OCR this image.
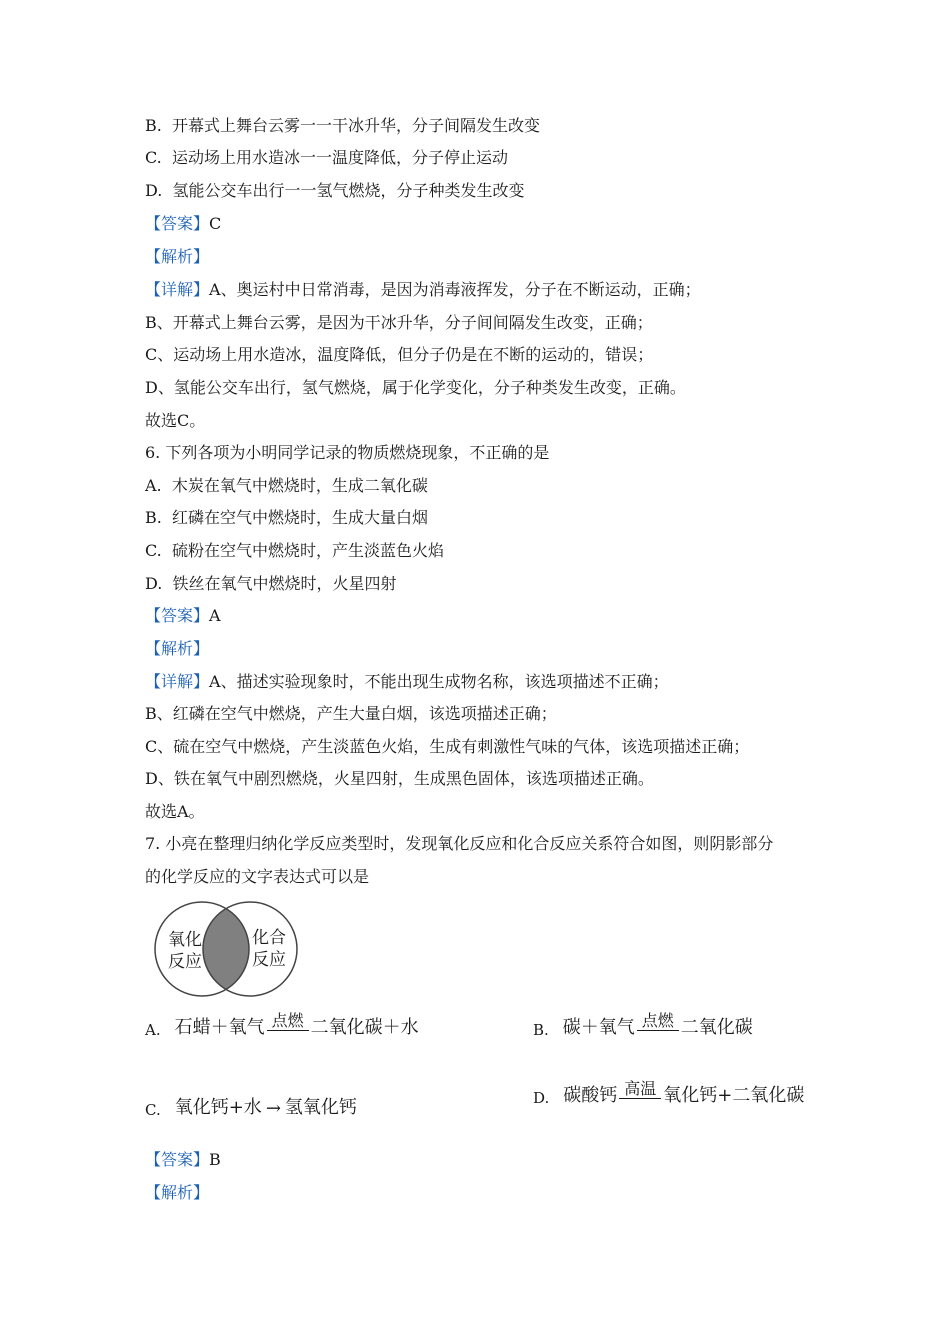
B. 开幕式上舞台云雾一一干冰升华，分子间隔发生改变
C. 运动场上用水造冰一一温度降低，分子停止运动
D. 氢能公交车出行一一氢气燃烧，分子种类发生改变
【答案】C
【解析】
【详解】A、奥运村中日常消毒，是因为消毒液挥发，分子在不断运动，正确；
B、开幕式上舞台云雾，是因为干冰升华，分子间间隔发生改变，正确；
C、运动场上用水造冰，温度降低，但分子仍是在不断的运动的，错误；
D、氢能公交车出行，氢气燃烧，属于化学变化，分子种类发生改变，正确。
故选C。
6. 下列各项为小明同学记录的物质燃烧现象，不正确的是
A. 木炭在氧气中燃烧时，生成二氧化碳
B. 红磷在空气中燃烧时，生成大量白烟
C. 硫粉在空气中燃烧时，产生淡蓝色火焰
D. 铁丝在氧气中燃烧时，火星四射
【答案】A
【解析】
【详解】A、描述实验现象时，不能出现生成物名称，该选项描述不正确；
B、红磷在空气中燃烧，产生大量白烟，该选项描述正确；
C、硫在空气中燃烧，产生淡蓝色火焰，生成有刺激性气味的气体，该选项描述正确；
D、铁在氧气中剧烈燃烧，火星四射，生成黑色固体，该选项描述正确。
故选A。
7. 小亮在整理归纳化学反应类型时，发现氧化反应和化合反应关系符合如图，则阴影部分
的化学反应的文字表达式可以是
氧化
反应
化合
反应
A. 石蜡＋氧气 点燃 二氧化碳＋水	B. 碳＋氧气 点燃 二氧化碳
C. 氧化钙+水 → 氢氧化钙	D. 碳酸钙 高温 氧化钙+二氧化碳
【答案】B
【解析】
